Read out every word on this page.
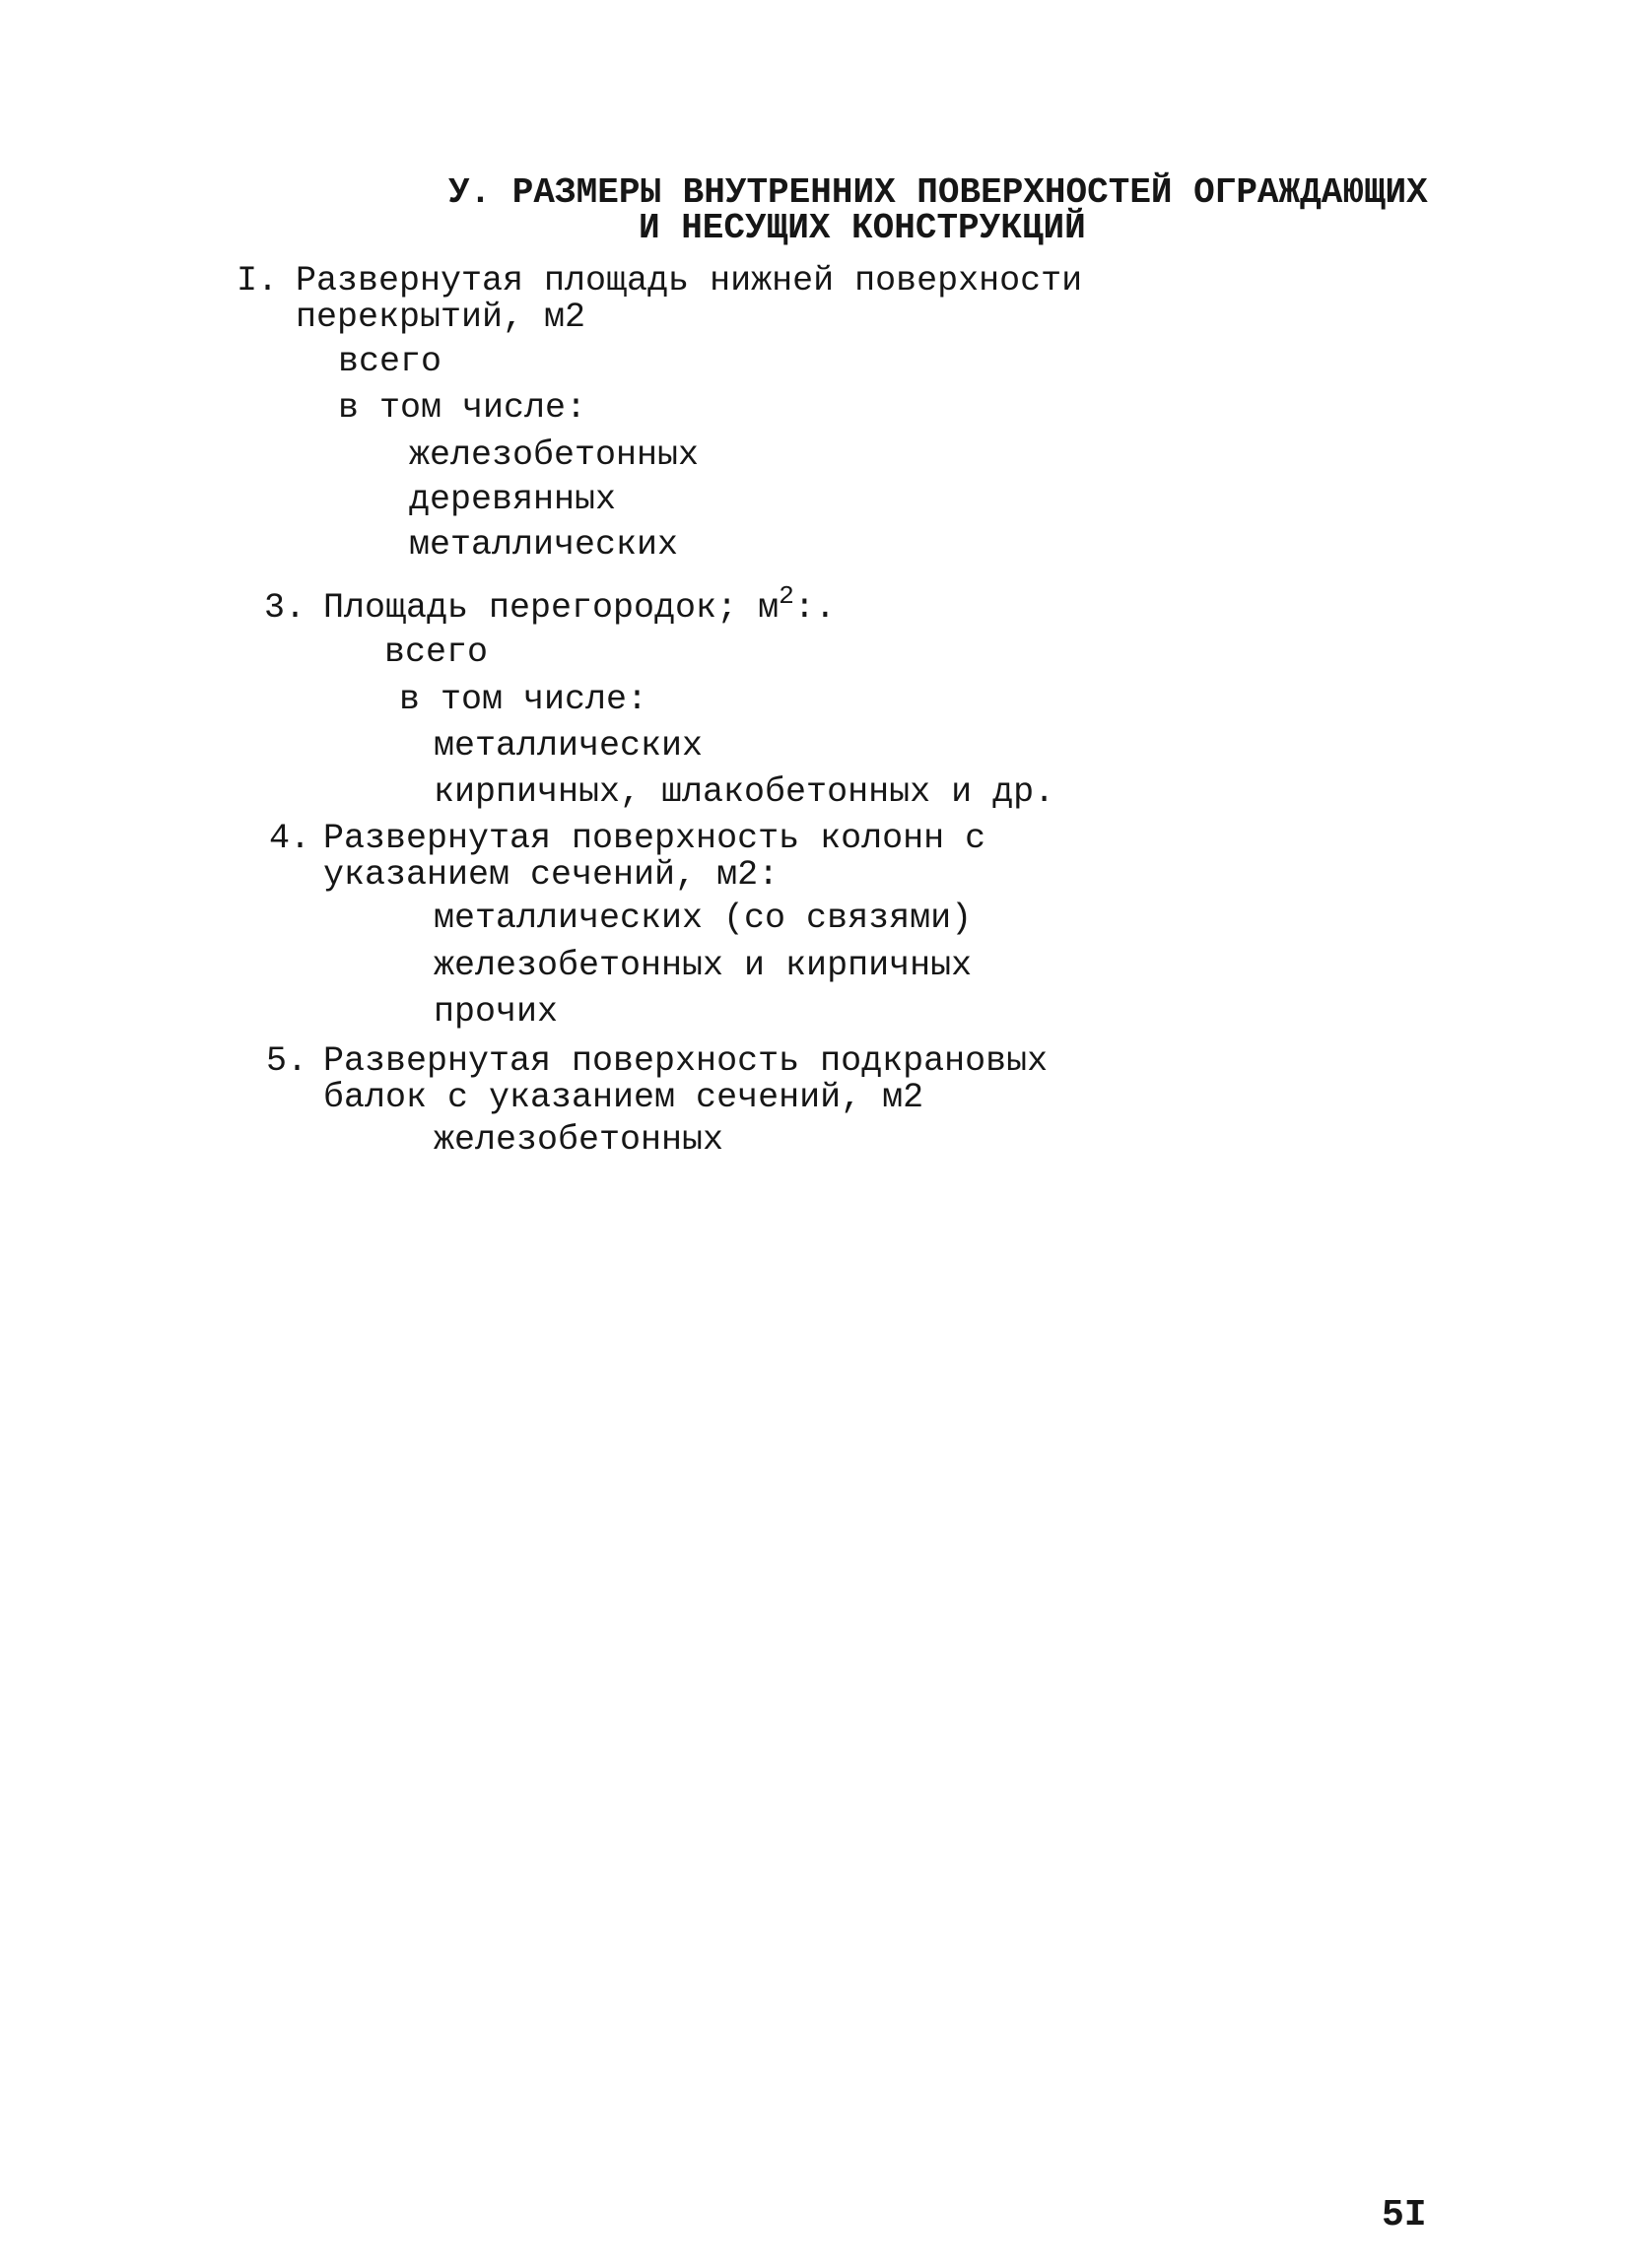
У. РАЗМЕРЫ ВНУТРЕННИХ ПОВЕРХНОСТЕЙ ОГРАЖДАЮЩИХ
И НЕСУЩИХ КОНСТРУКЦИЙ
I. Развернутая площадь нижней поверхности
перекрытий, м2
всего
в том числе:
железобетонных
деревянных
металлических
3. Площадь перегородок; $м^2$:.
всего
в том числе:
металлических
кирпичных, шлакобетонных и др.
4. Развернутая поверхность колонн с
указанием сечений, м2:
металлических (со связями)
железобетонных и кирпичных
прочих
5. Развернутая поверхность подкрановых
балок с указанием сечений, м2
железобетонных
5I
